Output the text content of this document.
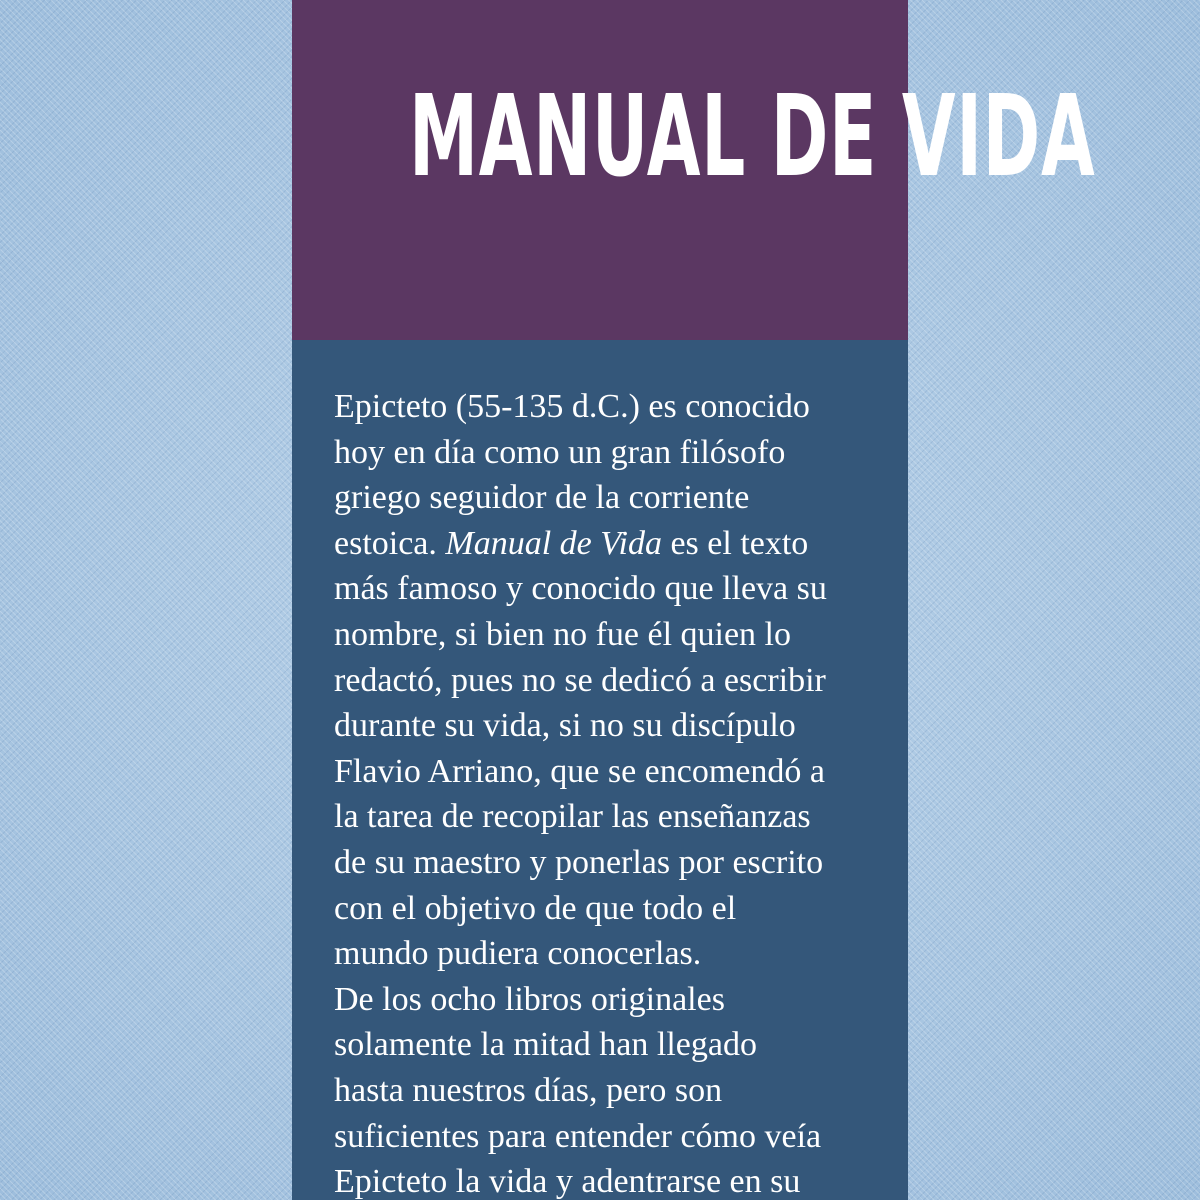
MANUAL DE VIDA

Epicteto (55-135 d.C.) es conocido
hoy en día como un gran filósofo
griego seguidor de la corriente
estoica. Manual de Vida es el texto
más famoso y conocido que lleva su
nombre, si bien no fue él quien lo
redactó, pues no se dedicó a escribir
durante su vida, si no su discípulo
Flavio Arriano, que se encomendó a
la tarea de recopilar las enseñanzas
de su maestro y ponerlas por escrito
con el objetivo de que todo el
mundo pudiera conocerlas.
De los ocho libros originales
solamente la mitad han llegado
hasta nuestros días, pero son
suficientes para entender cómo veía
Epicteto la vida y adentrarse en su
